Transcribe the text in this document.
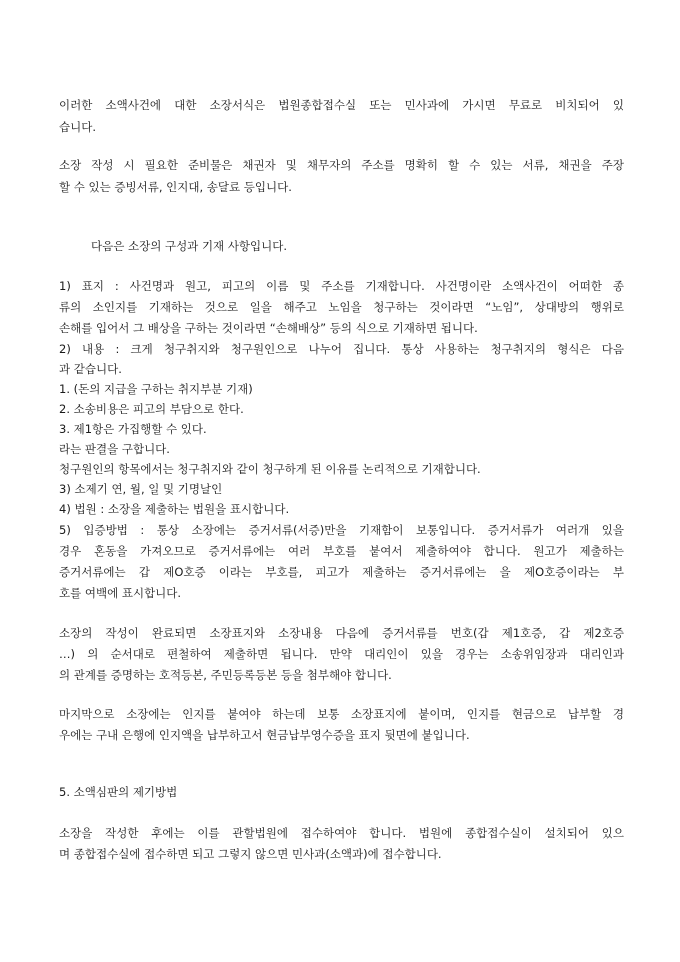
이러한 소액사건에 대한 소장서식은 법원종합접수실 또는 민사과에 가시면 무료로 비치되어 있
습니다.
소장 작성 시 필요한 준비물은 채권자 및 채무자의 주소를 명확히 할 수 있는 서류, 채권을 주장
할 수 있는 증빙서류, 인지대, 송달료 등입니다.
다음은 소장의 구성과 기재 사항입니다.
1) 표지 : 사건명과 원고, 피고의 이름 및 주소를 기재합니다. 사건명이란 소액사건이 어떠한 종
류의 소인지를 기재하는 것으로 일을 해주고 노임을 청구하는 것이라면 “노임”, 상대방의 행위로
손해를 입어서 그 배상을 구하는 것이라면 “손해배상” 등의 식으로 기재하면 됩니다.
2) 내용 : 크게 청구취지와 청구원인으로 나누어 집니다. 통상 사용하는 청구취지의 형식은 다음
과 같습니다.
1. (돈의 지급을 구하는 취지부분 기재)
2. 소송비용은 피고의 부담으로 한다.
3. 제1항은 가집행할 수 있다.
라는 판결을 구합니다.
청구원인의 항목에서는 청구취지와 같이 청구하게 된 이유를 논리적으로 기재합니다.
3) 소제기 연, 월, 일 및 기명날인
4) 법원 : 소장을 제출하는 법원을 표시합니다.
5) 입증방법 : 통상 소장에는 증거서류(서증)만을 기재함이 보통입니다. 증거서류가 여러개 있을
경우 혼동을 가져오므로 증거서류에는 여러 부호를 붙여서 제출하여야 합니다. 원고가 제출하는
증거서류에는 갑 제O호증 이라는 부호를, 피고가 제출하는 증거서류에는 을 제O호증이라는 부
호를 여백에 표시합니다.
소장의 작성이 완료되면 소장표지와 소장내용 다음에 증거서류를 번호(갑 제1호증, 갑 제2호증
…) 의 순서대로 편철하여 제출하면 됩니다. 만약 대리인이 있을 경우는 소송위임장과 대리인과
의 관계를 증명하는 호적등본, 주민등록등본 등을 첨부해야 합니다.
마지막으로 소장에는 인지를 붙여야 하는데 보통 소장표지에 붙이며, 인지를 현금으로 납부할 경
우에는 구내 은행에 인지액을 납부하고서 현금납부영수증을 표지 뒷면에 붙입니다.
5. 소액심판의 제기방법
소장을 작성한 후에는 이를 관할법원에 접수하여야 합니다. 법원에 종합접수실이 설치되어 있으
며 종합접수실에 접수하면 되고 그렇지 않으면 민사과(소액과)에 접수합니다.
